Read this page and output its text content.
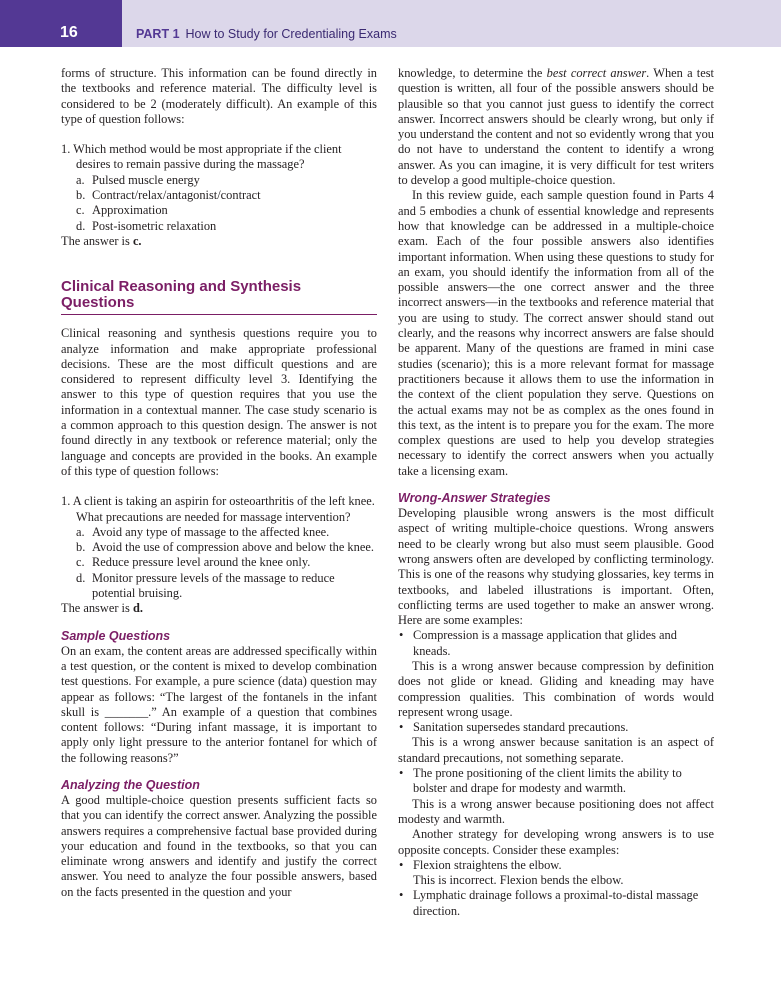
16	PART 1 How to Study for Credentialing Exams

forms of structure. This information can be found directly in the textbooks and reference material. The difficulty level is considered to be 2 (moderately difficult). An example of this type of question follows:

1. Which method would be most appropriate if the client desires to remain passive during the massage?
a. Pulsed muscle energy
b. Contract/relax/antagonist/contract
c. Approximation
d. Post-isometric relaxation
The answer is c.
Clinical Reasoning and Synthesis Questions

Clinical reasoning and synthesis questions require you to analyze information and make appropriate professional decisions. These are the most difficult questions and are considered to represent difficulty level 3. Identifying the answer to this type of question requires that you use the information in a contextual manner. The case study scenario is a common approach to this question design. The answer is not found directly in any textbook or reference material; only the language and concepts are provided in the books. An example of this type of question follows:

1. A client is taking an aspirin for osteoarthritis of the left knee. What precautions are needed for massage intervention?
a. Avoid any type of massage to the affected knee.
b. Avoid the use of compression above and below the knee.
c. Reduce pressure level around the knee only.
d. Monitor pressure levels of the massage to reduce potential bruising.
The answer is d.
Sample Questions

On an exam, the content areas are addressed specifically within a test question, or the content is mixed to develop combination test questions. For example, a pure science (data) question may appear as follows: “The largest of the fontanels in the infant skull is _______.” An example of a question that combines content follows: “During infant massage, it is important to apply only light pressure to the anterior fontanel for which of the following reasons?”

Analyzing the Question

A good multiple-choice question presents sufficient facts so that you can identify the correct answer. Analyzing the possible answers requires a comprehensive factual base provided during your education and found in the textbooks, so that you can eliminate wrong answers and identify and justify the correct answer. You need to analyze the four possible answers, based on the facts presented in the question and your

knowledge, to determine the best correct answer. When a test question is written, all four of the possible answers should be plausible so that you cannot just guess to identify the correct answer. Incorrect answers should be clearly wrong, but only if you understand the content and not so evidently wrong that you do not have to understand the content to identify a wrong answer. As you can imagine, it is very difficult for test writers to develop a good multiple-choice question.

In this review guide, each sample question found in Parts 4 and 5 embodies a chunk of essential knowledge and represents how that knowledge can be addressed in a multiple-choice exam. Each of the four possible answers also identifies important information. When using these questions to study for an exam, you should identify the information from all of the possible answers—the one correct answer and the three incorrect answers—in the textbooks and reference material that you are using to study. The correct answer should stand out clearly, and the reasons why incorrect answers are false should be apparent. Many of the questions are framed in mini case studies (scenario); this is a more relevant format for massage practitioners because it allows them to use the information in the context of the client population they serve. Questions on the actual exams may not be as complex as the ones found in this text, as the intent is to prepare you for the exam. The more complex questions are used to help you develop strategies necessary to identify the correct answers when you actually take a licensing exam.

Wrong-Answer Strategies

Developing plausible wrong answers is the most difficult aspect of writing multiple-choice questions. Wrong answers need to be clearly wrong but also must seem plausible. Good wrong answers often are developed by conflicting terminology. This is one of the reasons why studying glossaries, key terms in textbooks, and labeled illustrations is important. Often, conflicting terms are used together to make an answer wrong. Here are some examples:

• Compression is a massage application that glides and kneads.

This is a wrong answer because compression by definition does not glide or knead. Gliding and kneading may have compression qualities. This combination of words would represent wrong usage.

• Sanitation supersedes standard precautions.

This is a wrong answer because sanitation is an aspect of standard precautions, not something separate.

• The prone positioning of the client limits the ability to bolster and drape for modesty and warmth.

This is a wrong answer because positioning does not affect modesty and warmth.

Another strategy for developing wrong answers is to use opposite concepts. Consider these examples:

• Flexion straightens the elbow.

This is incorrect. Flexion bends the elbow.

• Lymphatic drainage follows a proximal-to-distal massage direction.
